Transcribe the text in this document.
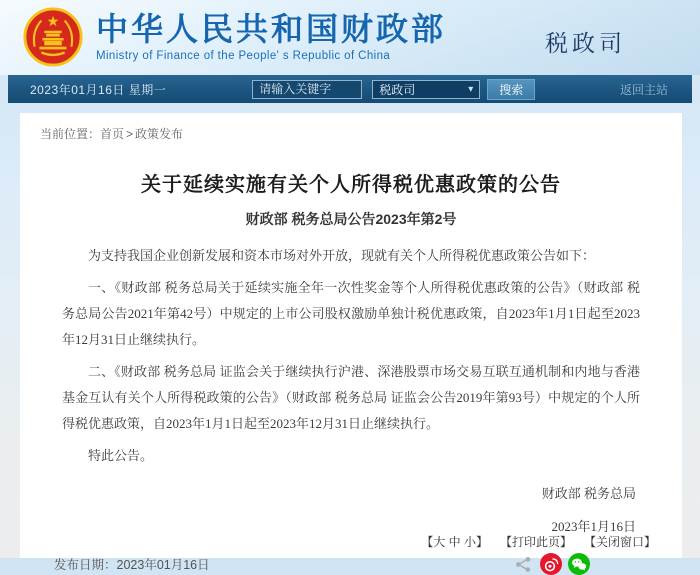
中华人民共和国财政部
Ministry of Finance of the People' s Republic of China	税政司
2023年01月16日 星期一
请输入关键字	税政司	▾	搜索	返回主站
当前位置：首页 > 政策发布
关于延续实施有关个人所得税优惠政策的公告
财政部 税务总局公告2023年第2号

为支持我国企业创新发展和资本市场对外开放，现就有关个人所得税优惠政策公告如下：

一、《财政部 税务总局关于延续实施全年一次性奖金等个人所得税优惠政策的公告》（财政部 税务总局公告2021年第42号）中规定的上市公司股权激励单独计税优惠政策，自2023年1月1日起至2023年12月31日止继续执行。

二、《财政部 税务总局 证监会关于继续执行沪港、深港股票市场交易互联互通机制和内地与香港基金互认有关个人所得税政策的公告》（财政部 税务总局 证监会公告2019年第93号）中规定的个人所得税优惠政策，自2023年1月1日起至2023年12月31日止继续执行。

特此公告。

财政部 税务总局
2023年1月16日
发布日期：2023年01月16日
【大 中 小】 【打印此页】 【关闭窗口】
